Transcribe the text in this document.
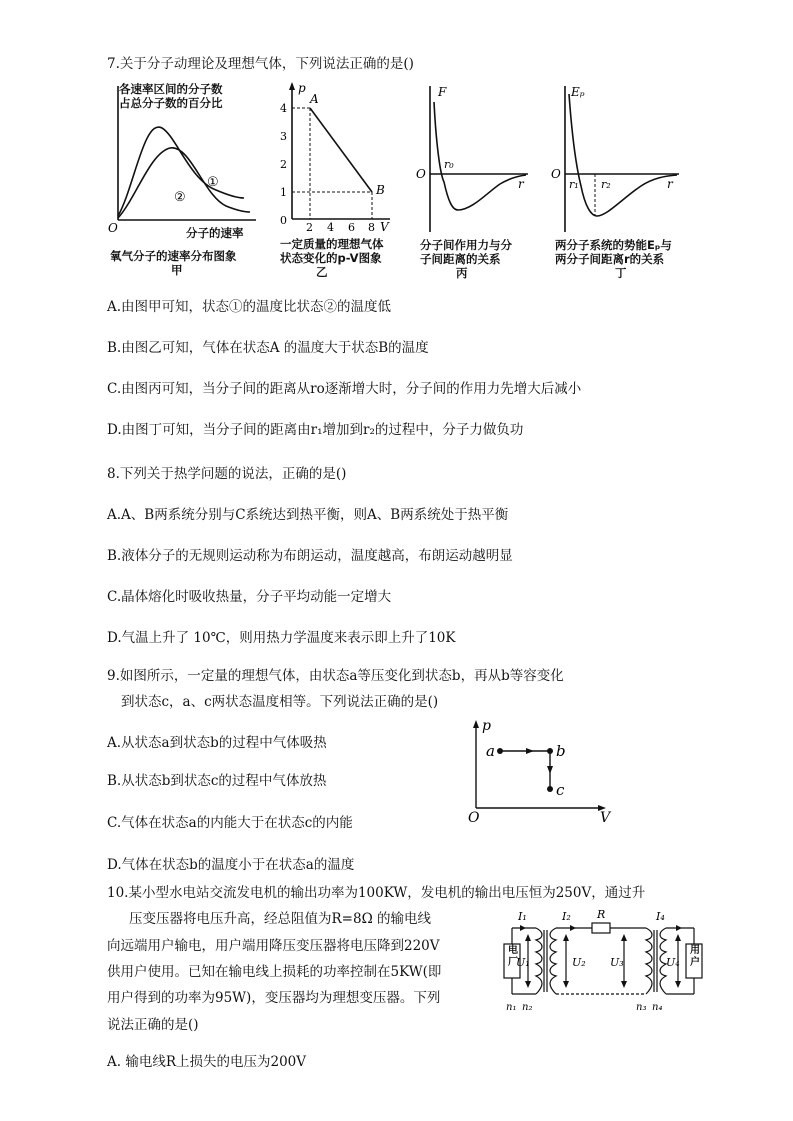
7.关于分子动理论及理想气体，下列说法正确的是()
O
①
②
各速率区间的分子数
占总分子数的百分比
分子的速率
氧气分子的速率分布图象
甲
p
A
B
4
3
2
1
0
2 4 6 8 V
一定质量的理想气体
状态变化的p-V图象
乙
F
O
r₀
r
分子间作用力与分
子间距离的关系
丙
Eₚ
O
r₁ r₂	r
两分子系统的势能Eₚ与
两分子间距离r的关系
丁
A.由图甲可知，状态①的温度比状态②的温度低
B.由图乙可知，气体在状态A 的温度大于状态B的温度
C.由图丙可知，当分子间的距离从ro逐渐增大时，分子间的作用力先增大后减小
D.由图丁可知，当分子间的距离由r₁增加到r₂的过程中，分子力做负功
8.下列关于热学问题的说法，正确的是()
A.A、B两系统分别与C系统达到热平衡，则A、B两系统处于热平衡
B.液体分子的无规则运动称为布朗运动，温度越高，布朗运动越明显
C.晶体熔化时吸收热量，分子平均动能一定增大
D.气温上升了 10℃，则用热力学温度来表示即上升了10K
9.如图所示，一定量的理想气体，由状态a等压变化到状态b，再从b等容变化
到状态c，a、c两状态温度相等。下列说法正确的是()
A.从状态a到状态b的过程中气体吸热
B.从状态b到状态c的过程中气体放热
C.气体在状态a的内能大于在状态c的内能
D.气体在状态b的温度小于在状态a的温度
p
V
O
a	b
c
10.某小型水电站交流发电机的输出功率为100KW，发电机的输出电压恒为250V，通过升
压变压器将电压升高，经总阻值为R=8Ω 的输电线
向远端用户输电，用户端用降压变压器将电压降到220V
供用户使用。已知在输电线上损耗的功率控制在5KW(即
用户得到的功率为95W)，变压器均为理想变压器。下列
说法正确的是()
A. 输电线R上损失的电压为200V
I₁	I₂ R	I₄
U₁	U₂ U₃	U₄
n₁ n₂	n₃ n₄
电厂
用户
